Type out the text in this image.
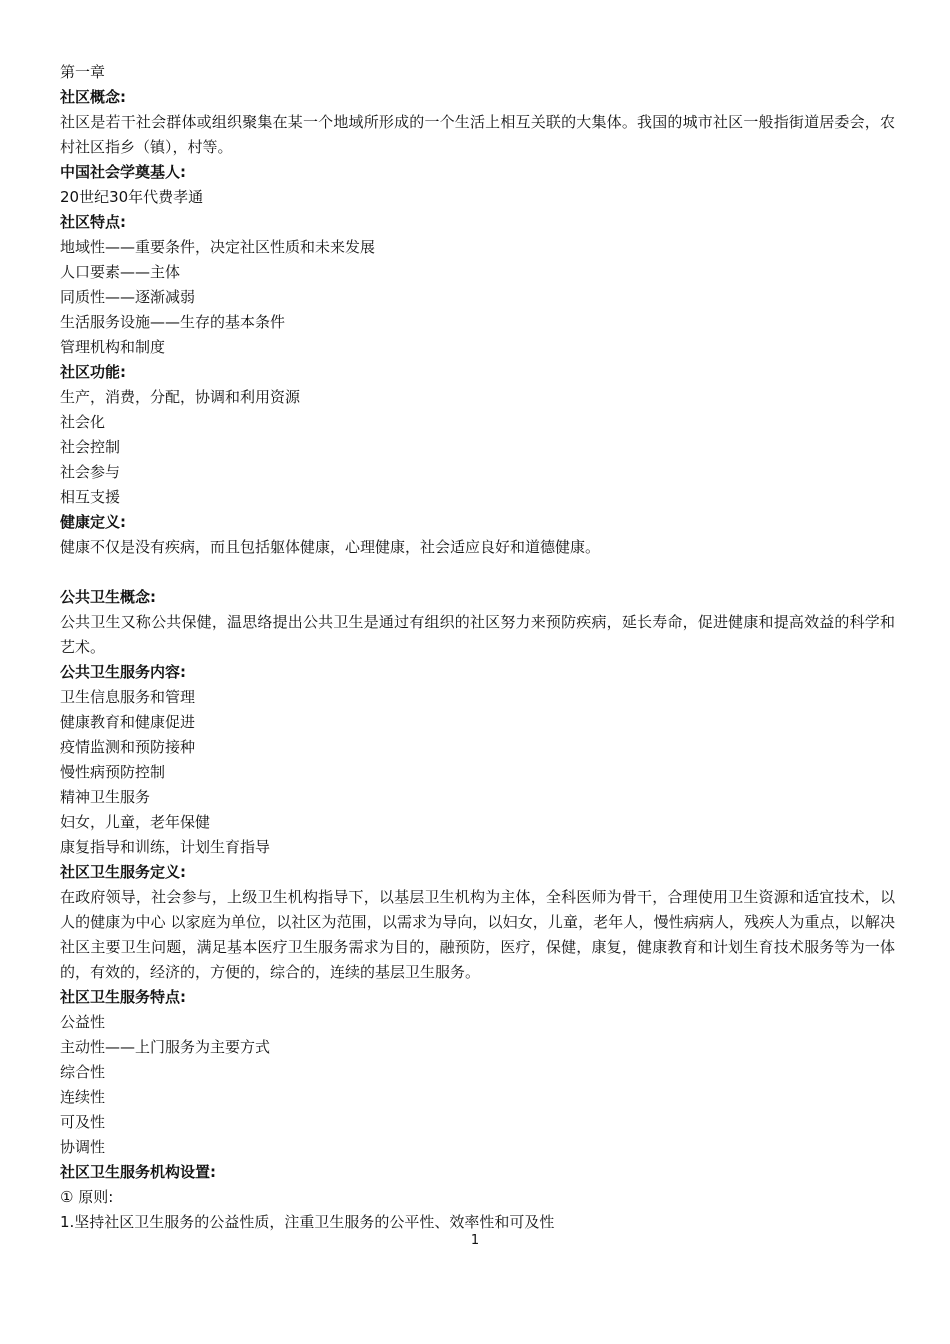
第一章
社区概念:
社区是若干社会群体或组织聚集在某一个地域所形成的一个生活上相互关联的大集体。我国的城市社区一般指街道居委会，农村社区指乡（镇），村等。
中国社会学奠基人:
20世纪30年代费孝通
社区特点:
地域性——重要条件，决定社区性质和未来发展
人口要素——主体
同质性——逐渐减弱
生活服务设施——生存的基本条件
管理机构和制度
社区功能:
生产，消费，分配，协调和利用资源
社会化
社会控制
社会参与
相互支援
健康定义:
健康不仅是没有疾病，而且包括躯体健康，心理健康，社会适应良好和道德健康。
公共卫生概念:
公共卫生又称公共保健，温思络提出公共卫生是通过有组织的社区努力来预防疾病，延长寿命，促进健康和提高效益的科学和艺术。
公共卫生服务内容:
卫生信息服务和管理
健康教育和健康促进
疫情监测和预防接种
慢性病预防控制
精神卫生服务
妇女，儿童，老年保健
康复指导和训练，计划生育指导
社区卫生服务定义:
在政府领导，社会参与，上级卫生机构指导下，以基层卫生机构为主体，全科医师为骨干，合理使用卫生资源和适宜技术，以人的健康为中心 以家庭为单位，以社区为范围，以需求为导向，以妇女，儿童，老年人，慢性病病人，残疾人为重点，以解决社区主要卫生问题，满足基本医疗卫生服务需求为目的，融预防，医疗，保健，康复，健康教育和计划生育技术服务等为一体的，有效的，经济的，方便的，综合的，连续的基层卫生服务。
社区卫生服务特点:
公益性
主动性——上门服务为主要方式
综合性
连续性
可及性
协调性
社区卫生服务机构设置:
① 原则:
1.坚持社区卫生服务的公益性质，注重卫生服务的公平性、效率性和可及性
1
